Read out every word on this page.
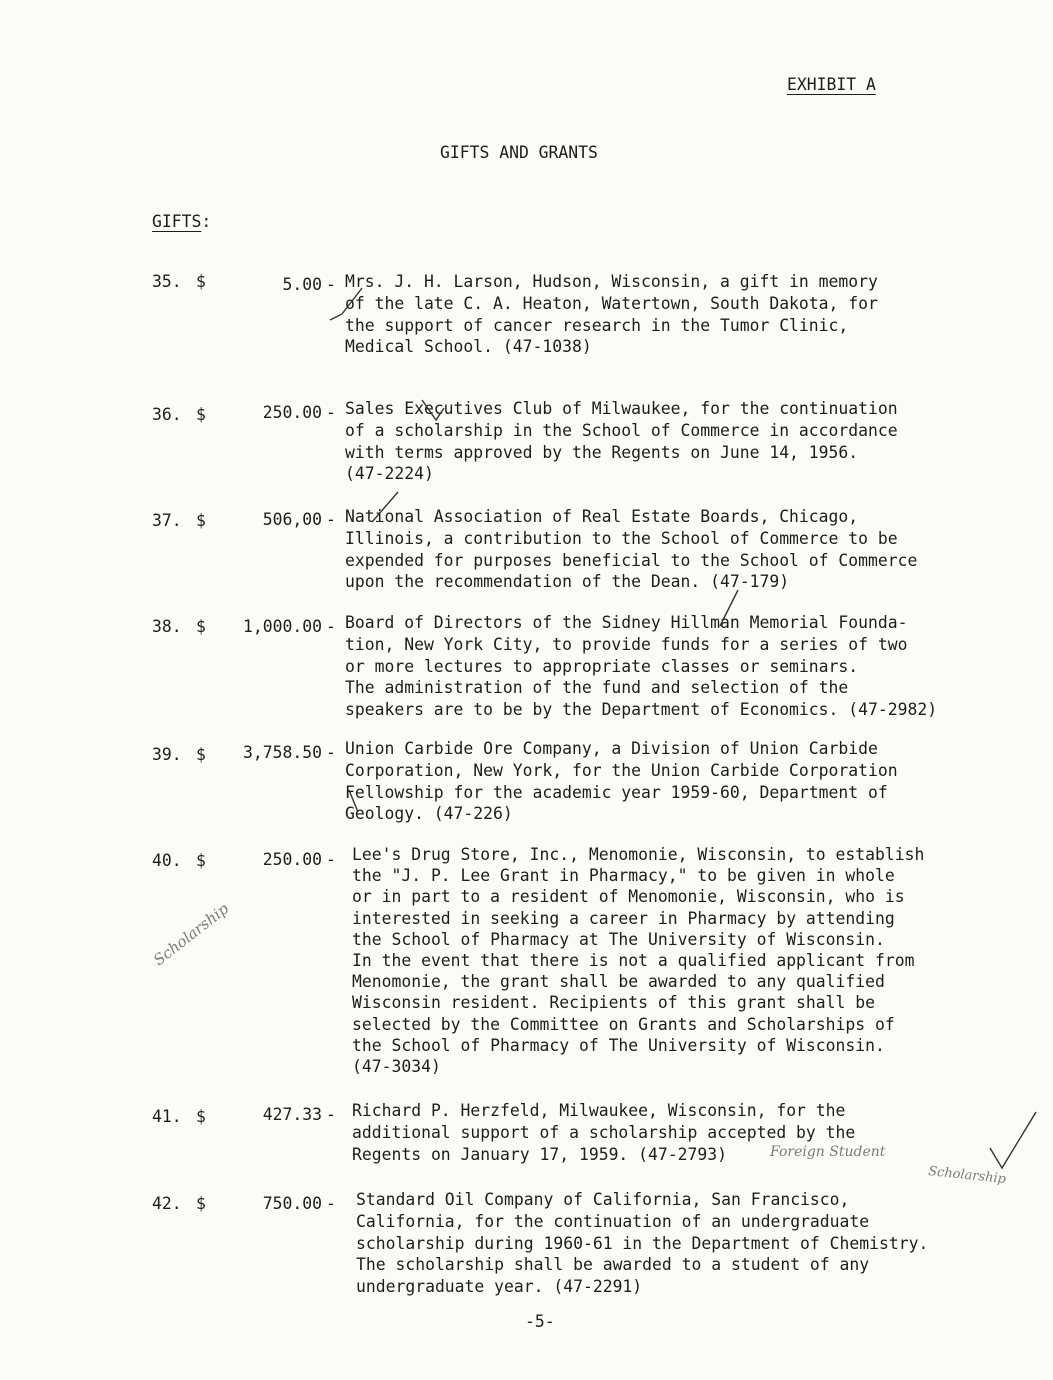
EXHIBIT A
GIFTS AND GRANTS
GIFTS:
35. $	5.00 - Mrs. J. H. Larson, Hudson, Wisconsin, a gift in memory
of the late C. A. Heaton, Watertown, South Dakota, for
the support of cancer research in the Tumor Clinic,
Medical School. (47-1038)
36. $	250.00 - Sales Executives Club of Milwaukee, for the continuation
of a scholarship in the School of Commerce in accordance
with terms approved by the Regents on June 14, 1956.
(47-2224)
37. $	506,00 - National Association of Real Estate Boards, Chicago,
Illinois, a contribution to the School of Commerce to be
expended for purposes beneficial to the School of Commerce
upon the recommendation of the Dean. (47-179)
38. $	1,000.00 - Board of Directors of the Sidney Hillman Memorial Founda-
tion, New York City, to provide funds for a series of two
or more lectures to appropriate classes or seminars.
The administration of the fund and selection of the
speakers are to be by the Department of Economics. (47-2982)
39. $	3,758.50 - Union Carbide Ore Company, a Division of Union Carbide
Corporation, New York, for the Union Carbide Corporation
Fellowship for the academic year 1959-60, Department of
Geology. (47-226)
40. $	250.00 - Lee's Drug Store, Inc., Menomonie, Wisconsin, to establish
the "J. P. Lee Grant in Pharmacy," to be given in whole
or in part to a resident of Menomonie, Wisconsin, who is
interested in seeking a career in Pharmacy by attending
the School of Pharmacy at The University of Wisconsin.
In the event that there is not a qualified applicant from
Menomonie, the grant shall be awarded to any qualified
Wisconsin resident. Recipients of this grant shall be
selected by the Committee on Grants and Scholarships of
the School of Pharmacy of The University of Wisconsin.
(47-3034)
41. $	427.33 - Richard P. Herzfeld, Milwaukee, Wisconsin, for the
additional support of a scholarship accepted by the
Regents on January 17, 1959. (47-2793)
42. $	750.00 - Standard Oil Company of California, San Francisco,
California, for the continuation of an undergraduate
scholarship during 1960-61 in the Department of Chemistry.
The scholarship shall be awarded to a student of any
undergraduate year. (47-2291)
-5-
Scholarship
Foreign Student
Scholarship
